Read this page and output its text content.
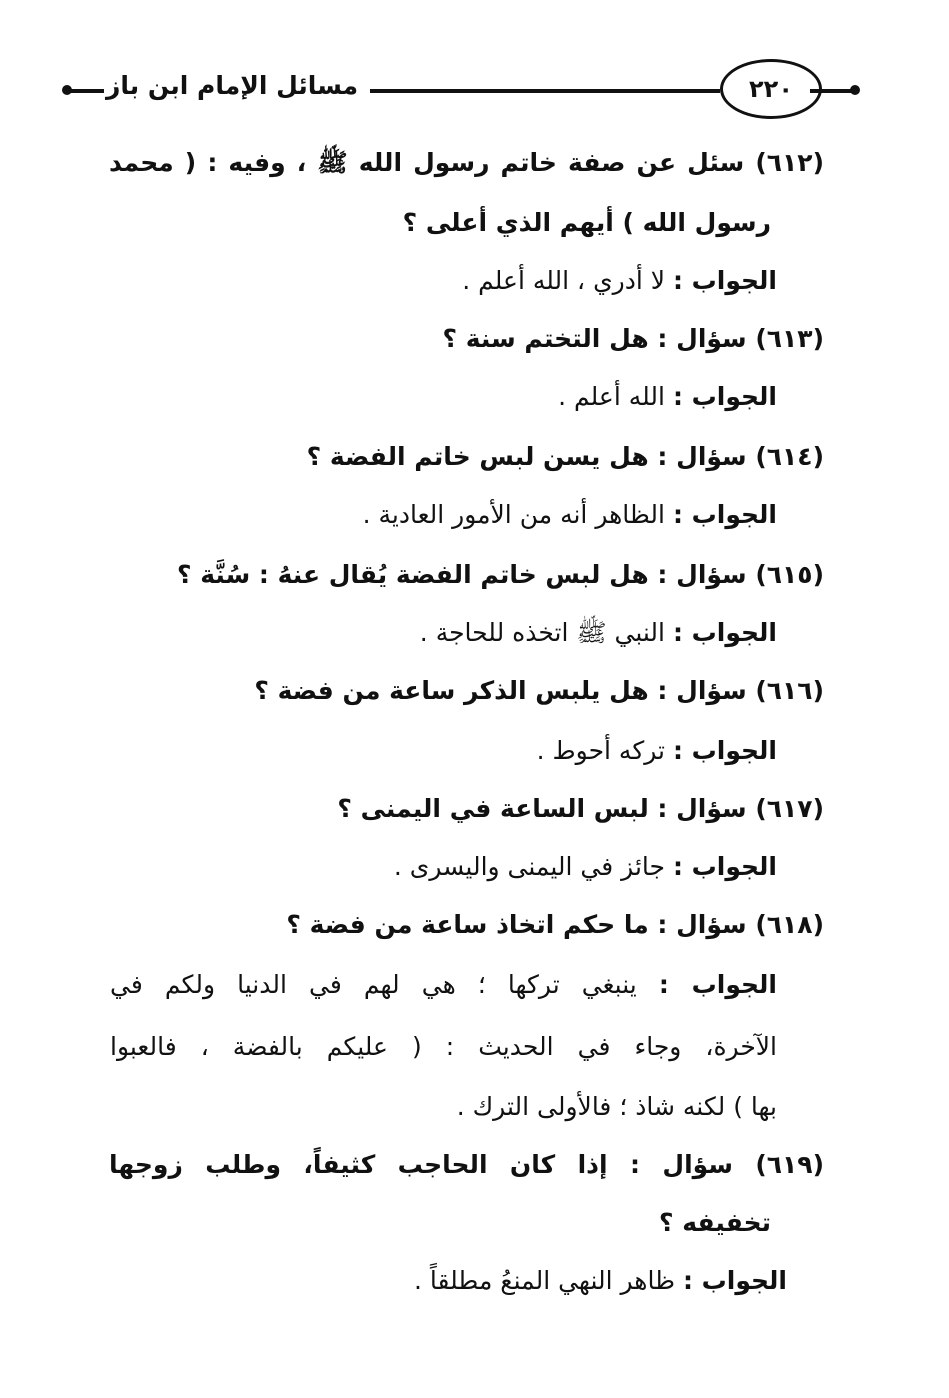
مسائل الإمام ابن باز	٢٢٠
(٦١٢) سئل عن صفة خاتم رسول الله ﷺ ، وفيه : ( محمد
رسول الله ) أيهم الذي أعلى ؟
الجواب : لا أدري ، الله أعلم .
(٦١٣) سؤال : هل التختم سنة ؟
الجواب : الله أعلم .
(٦١٤) سؤال : هل يسن لبس خاتم الفضة ؟
الجواب : الظاهر أنه من الأمور العادية .
(٦١٥) سؤال : هل لبس خاتم الفضة يُقال عنهُ : سُنَّة ؟
الجواب : النبي ﷺ اتخذه للحاجة .
(٦١٦) سؤال : هل يلبس الذكر ساعة من فضة ؟
الجواب : تركه أحوط .
(٦١٧) سؤال : لبس الساعة في اليمنى ؟
الجواب : جائز في اليمنى واليسرى .
(٦١٨) سؤال : ما حكم اتخاذ ساعة من فضة ؟
الجواب : ينبغي تركها ؛ هي لهم في الدنيا ولكم في
الآخرة، وجاء في الحديث : ( عليكم بالفضة ، فالعبوا
بها ) لكنه شاذ ؛ فالأولى الترك .
(٦١٩) سؤال : إذا كان الحاجب كثيفاً، وطلب زوجها
تخفيفه ؟
الجواب : ظاهر النهي المنعُ مطلقاً .
